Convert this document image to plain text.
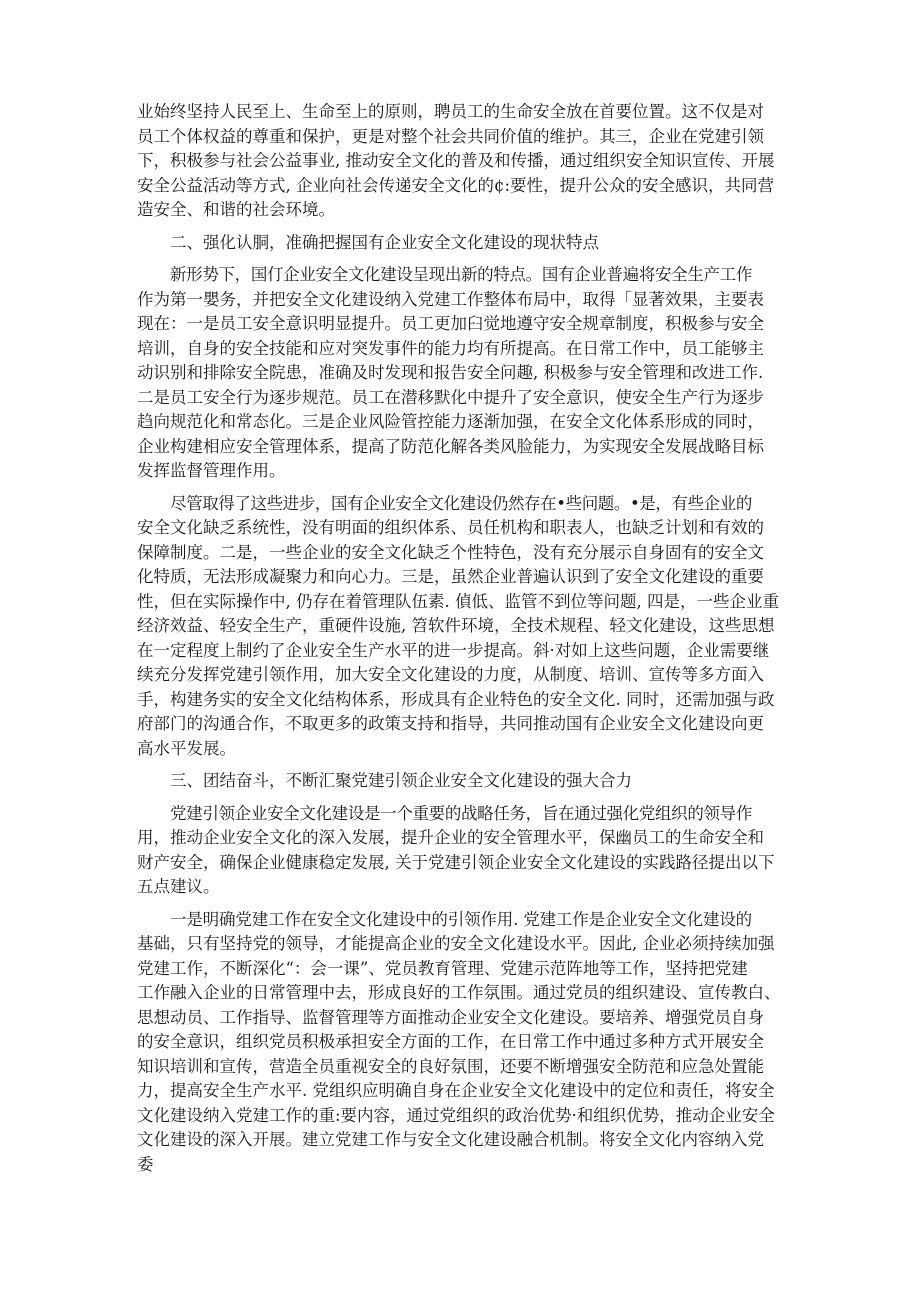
业始终坚持人民至上、生命至上的原则，聘员工的生命安全放在首要位置。这不仅是对
员工个体权益的尊重和保护，更是对整个社会共同价值的维护。其三，企业在党建引领
下，积极参与社会公益事业, 推动安全文化的普及和传播，通过组织安全知识宣传、开展
安全公益活动等方式, 企业向社会传递安全文化的¢:要性，提升公众的安全感识，共同营
造安全、和谐的社会环境。
二、强化认胴，准确把握国有企业安全文化建设的现状特点
新形势下，国仃企业安全文化建设呈现出新的特点。国有企业普遍将安全生产工作
作为第一嬰务，并把安全文化建设纳入党建工作整体布局中，取得「显著效果，主要表
现在：一是员工安全意识明显提升。员工更加臼觉地遵守安全规章制度，积极参与安全
培训，自身的安全技能和应对突发事件的能力均有所提高。在日常工作中，员工能够主
动识别和排除安全院患，准确及时发现和报告安全问趣, 积极参与安全管理和改进工作.
二是员工安全行为逐步规范。员工在潜移默化中提升了安全意识，使安全生产行为逐步
趋向规范化和常态化。三是企业风险管控能力逐渐加强，在安全文化体系形成的同时，
企业构建相应安全管理体系，提高了防范化解各类风脸能力，为实现安全发展战略目标
发挥监督管理作用。
尽管取得了这些进步，国有企业安全文化建设仍然存在•些问题。•是，有些企业的
安全文化缺乏系统性，没有明面的组织体系、员任机构和职表人，也缺乏计划和有效的
保障制度。二是，一些企业的安全文化缺乏个性特色，没有充分展示自身固有的安全文
化特质，无法形成凝聚力和向心力。三是，虽然企业普遍认识到了安全文化建设的重要
性，但在实际操作中, 仍存在着管理队伍素. 偵低、监管不到位等问题, 四是，一些企业重
经济效益、轻安全生产，重硬件设施, 笤软件环境，全技术规程、轻文化建设，这些思想
在一定程度上制约了企业安全生产水平的进一步提高。斜·对如上这些问题，企业需要继
续充分发挥党建引领作用，加大安全文化建设的力度，从制度、培训、宣传等多方面入
手，构建务实的安全文化结构体系，形成具有企业特色的安全文化. 同时，还需加强与政
府部门的沟通合作，不取更多的政策支持和指导，共同推动国有企业安全文化建设向更
高水平发展。
三、团结奋斗，不断汇聚党建引领企业安全文化建设的强大合力
党建引领企业安全文化建设是一个重要的战略任务，旨在通过强化党组织的领导作
用，推动企业安全文化的深入发展，提升企业的安全管理水平，保幽员工的生命安全和
财产安全，确保企业健康稳定发展, 关于党建引领企业安全文化建设的实践路径提出以下
五点建议。
一是明确党建工作在安全文化建设中的引领作用. 党建工作是企业安全文化建设的
基础，只有坚持党的领导，才能提高企业的安全文化建设水平。因此, 企业必须持续加强
党建工作，不断深化“：会一课”、党员教育管理、党建示范阵地等工作，坚持把党建
工作融入企业的日常管理中去，形成良好的工作氛围。通过党员的组织建设、宣传教白、
思想动员、工作指导、监督管理等方面推动企业安全文化建设。要培养、增强党员自身
的安全意识，组织党员积极承担安全方面的工作，在日常工作中通过多种方式开展安全
知识培训和宣传，营造全员重视安全的良好氛围，还要不断增强安全防范和应急处置能
力，提高安全生产水平. 党组织应明确自身在企业安全文化建设中的定位和责任，将安全
文化建设纳入党建工作的重:要内容，通过党组织的政治优势·和组织优势，推动企业安全
文化建设的深入开展。建立党建工作与安全文化建设融合机制。将安全文化内容纳入党
委
